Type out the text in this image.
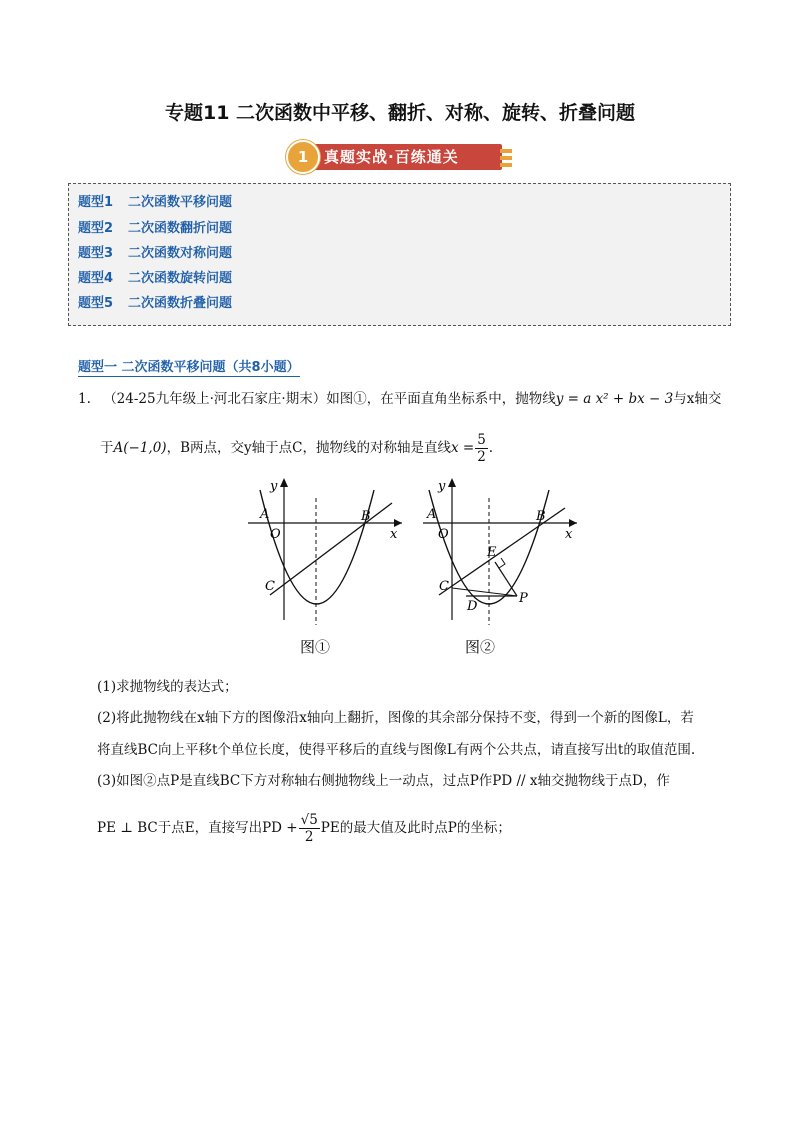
专题11 二次函数中平移、翻折、对称、旋转、折叠问题
1	真题实战·百练通关
题型1 二次函数平移问题
题型2 二次函数翻折问题
题型3 二次函数对称问题
题型4 二次函数旋转问题
题型5 二次函数折叠问题
题型一 二次函数平移问题（共8小题）
1. （24-25九年级上·河北石家庄·期末）如图①，在平面直角坐标系中，抛物线y = a x² + bx − 3与x轴交
于A(−1,0)，B两点，交y轴于点C，抛物线的对称轴是直线$x = \frac{5}{2}$ .
A
O
B
C
x
y
图①
A
O
B
C
E
D
P
x
y
图②
(1)求抛物线的表达式；
(2)将此抛物线在x轴下方的图像沿x轴向上翻折，图像的其余部分保持不变，得到一个新的图像L，若
将直线BC向上平移t个单位长度，使得平移后的直线与图像L有两个公共点，请直接写出t的取值范围.
(3)如图②点P是直线BC下方对称轴右侧抛物线上一动点，过点P作PD // x轴交抛物线于点D，作
PE ⊥ BC于点E，直接写出PD + $\frac{√5}{2}$ PE的最大值及此时点P的坐标；
